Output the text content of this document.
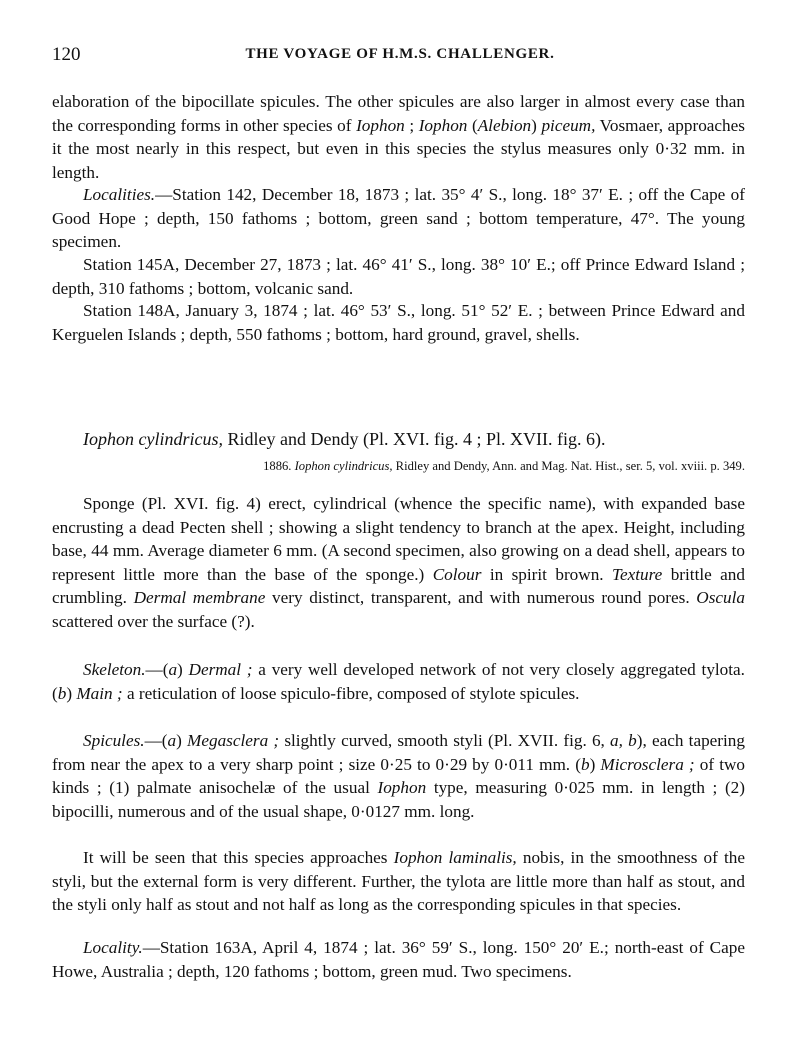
120	THE VOYAGE OF H.M.S. CHALLENGER.

elaboration of the bipocillate spicules. The other spicules are also larger in almost every case than the corresponding forms in other species of Iophon ; Iophon (Alebion) piceum, Vosmaer, approaches it the most nearly in this respect, but even in this species the stylus measures only 0·32 mm. in length.

Localities.—Station 142, December 18, 1873 ; lat. 35° 4′ S., long. 18° 37′ E. ; off the Cape of Good Hope ; depth, 150 fathoms ; bottom, green sand ; bottom temperature, 47°. The young specimen.

Station 145A, December 27, 1873 ; lat. 46° 41′ S., long. 38° 10′ E.; off Prince Edward Island ; depth, 310 fathoms ; bottom, volcanic sand.

Station 148A, January 3, 1874 ; lat. 46° 53′ S., long. 51° 52′ E. ; between Prince Edward and Kerguelen Islands ; depth, 550 fathoms ; bottom, hard ground, gravel, shells.

Iophon cylindricus, Ridley and Dendy (Pl. XVI. fig. 4 ; Pl. XVII. fig. 6).
1886. Iophon cylindricus, Ridley and Dendy, Ann. and Mag. Nat. Hist., ser. 5, vol. xviii. p. 349.

Sponge (Pl. XVI. fig. 4) erect, cylindrical (whence the specific name), with expanded base encrusting a dead Pecten shell ; showing a slight tendency to branch at the apex. Height, including base, 44 mm. Average diameter 6 mm. (A second specimen, also growing on a dead shell, appears to represent little more than the base of the sponge.) Colour in spirit brown. Texture brittle and crumbling. Dermal membrane very distinct, transparent, and with numerous round pores. Oscula scattered over the surface (?).

Skeleton.—(a) Dermal ; a very well developed network of not very closely aggregated tylota. (b) Main ; a reticulation of loose spiculo-fibre, composed of stylote spicules.

Spicules.—(a) Megasclera ; slightly curved, smooth styli (Pl. XVII. fig. 6, a, b), each tapering from near the apex to a very sharp point ; size 0·25 to 0·29 by 0·011 mm. (b) Microsclera ; of two kinds ; (1) palmate anisochelæ of the usual Iophon type, measuring 0·025 mm. in length ; (2) bipocilli, numerous and of the usual shape, 0·0127 mm. long.

It will be seen that this species approaches Iophon laminalis, nobis, in the smoothness of the styli, but the external form is very different. Further, the tylota are little more than half as stout, and the styli only half as stout and not half as long as the corresponding spicules in that species.

Locality.—Station 163A, April 4, 1874 ; lat. 36° 59′ S., long. 150° 20′ E.; north-east of Cape Howe, Australia ; depth, 120 fathoms ; bottom, green mud. Two specimens.
